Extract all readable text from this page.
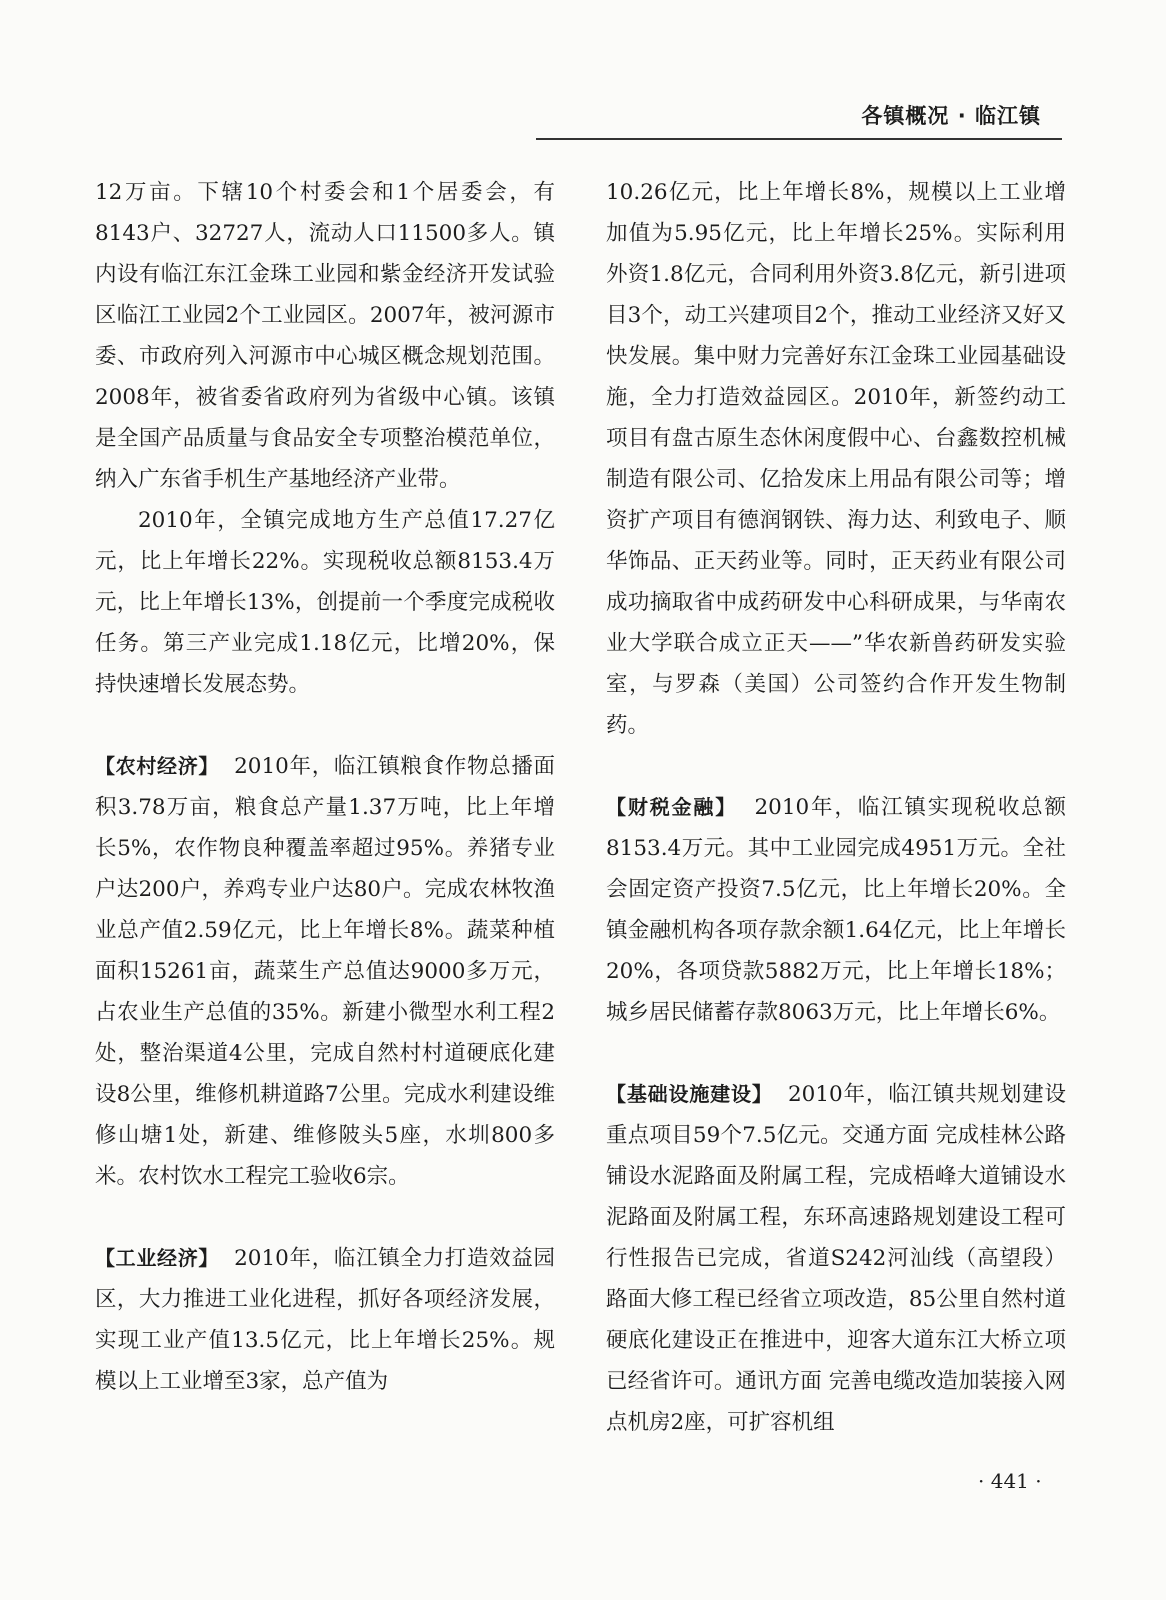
各镇概况 · 临江镇

12万亩。下辖10个村委会和1个居委会，有8143户、32727人，流动人口11500多人。镇内设有临江东江金珠工业园和紫金经济开发试验区临江工业园2个工业园区。2007年，被河源市委、市政府列入河源市中心城区概念规划范围。2008年，被省委省政府列为省级中心镇。该镇是全国产品质量与食品安全专项整治模范单位，纳入广东省手机生产基地经济产业带。

2010年，全镇完成地方生产总值17.27亿元，比上年增长22%。实现税收总额8153.4万元，比上年增长13%，创提前一个季度完成税收任务。第三产业完成1.18亿元，比增20%，保持快速增长发展态势。

【农村经济】 2010年，临江镇粮食作物总播面积3.78万亩，粮食总产量1.37万吨，比上年增长5%，农作物良种覆盖率超过95%。养猪专业户达200户，养鸡专业户达80户。完成农林牧渔业总产值2.59亿元，比上年增长8%。蔬菜种植面积15261亩，蔬菜生产总值达9000多万元，占农业生产总值的35%。新建小微型水利工程2处，整治渠道4公里，完成自然村村道硬底化建设8公里，维修机耕道路7公里。完成水利建设维修山塘1处，新建、维修陂头5座，水圳800多米。农村饮水工程完工验收6宗。

【工业经济】 2010年，临江镇全力打造效益园区，大力推进工业化进程，抓好各项经济发展，实现工业产值13.5亿元，比上年增长25%。规模以上工业增至3家，总产值为

10.26亿元，比上年增长8%，规模以上工业增加值为5.95亿元，比上年增长25%。实际利用外资1.8亿元，合同利用外资3.8亿元，新引进项目3个，动工兴建项目2个，推动工业经济又好又快发展。集中财力完善好东江金珠工业园基础设施，全力打造效益园区。2010年，新签约动工项目有盘古原生态休闲度假中心、台鑫数控机械制造有限公司、亿拾发床上用品有限公司等；增资扩产项目有德润钢铁、海力达、利致电子、顺华饰品、正天药业等。同时，正天药业有限公司成功摘取省中成药研发中心科研成果，与华南农业大学联合成立正天——”华农新兽药研发实验室，与罗森（美国）公司签约合作开发生物制药。

【财税金融】 2010年，临江镇实现税收总额8153.4万元。其中工业园完成4951万元。全社会固定资产投资7.5亿元，比上年增长20%。全镇金融机构各项存款余额1.64亿元，比上年增长20%，各项贷款5882万元，比上年增长18%；城乡居民储蓄存款8063万元，比上年增长6%。

【基础设施建设】 2010年，临江镇共规划建设重点项目59个7.5亿元。交通方面 完成桂林公路铺设水泥路面及附属工程，完成梧峰大道铺设水泥路面及附属工程，东环高速路规划建设工程可行性报告已完成，省道S242河汕线（高望段）路面大修工程已经省立项改造，85公里自然村道硬底化建设正在推进中，迎客大道东江大桥立项已经省许可。通讯方面 完善电缆改造加装接入网点机房2座，可扩容机组

· 441 ·
